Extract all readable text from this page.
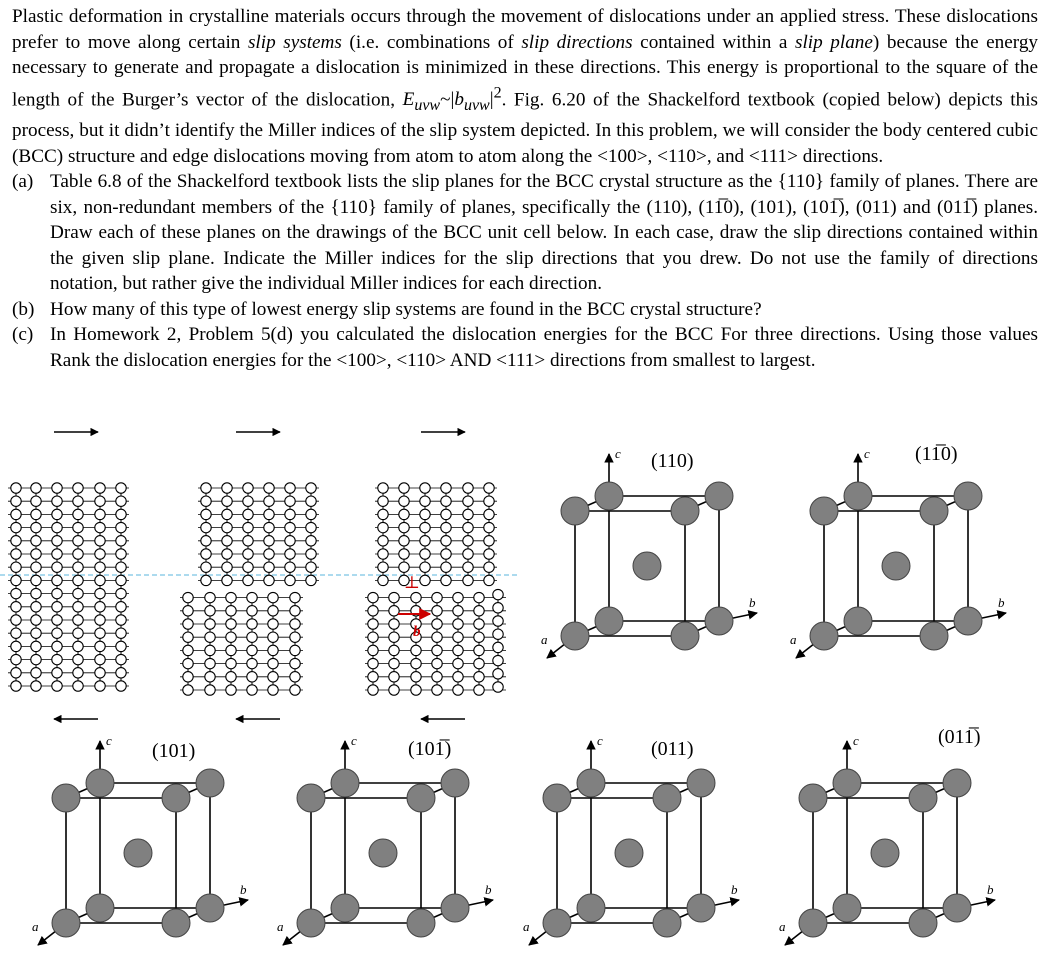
Plastic deformation in crystalline materials occurs through the movement of dislocations under an applied stress. These dislocations prefer to move along certain slip systems (i.e. combinations of slip directions contained within a slip plane) because the energy necessary to generate and propagate a dislocation is minimized in these directions. This energy is proportional to the square of the length of the Burger’s vector of the dislocation, $E_{uvw}\sim|b_{uvw}|^2$. Fig. 6.20 of the Shackelford textbook (copied below) depicts this process, but it didn’t identify the Miller indices of the slip system depicted. In this problem, we will consider the body centered cubic (BCC) structure and edge dislocations moving from atom to atom along the <100>, <110>, and <111> directions.

(a) Table 6.8 of the Shackelford textbook lists the slip planes for the BCC crystal structure as the {110} family of planes. There are six, non-redundant members of the {110} family of planes, specifically the (110), (11̅0), (101), (101̅), (011) and (011̅) planes. Draw each of these planes on the drawings of the BCC unit cell below. In each case, draw the slip directions contained within the given slip plane. Indicate the Miller indices for the slip directions that you drew. Do not use the family of directions notation, but rather give the individual Miller indices for each direction.
(b) How many of this type of lowest energy slip systems are found in the BCC crystal structure?
(c) In Homework 2, Problem 5(d) you calculated the dislocation energies for the BCC For three directions. Using those values Rank the dislocation energies for the <100>, <110> AND <111> directions from smallest to largest.
b
⊥
c
b
a
(110)	c
b
a
(11̅0)
c
b
a
(101)	c
b
a
(101̅)	c
b
a
(011)	c
b
a
(011̅)
